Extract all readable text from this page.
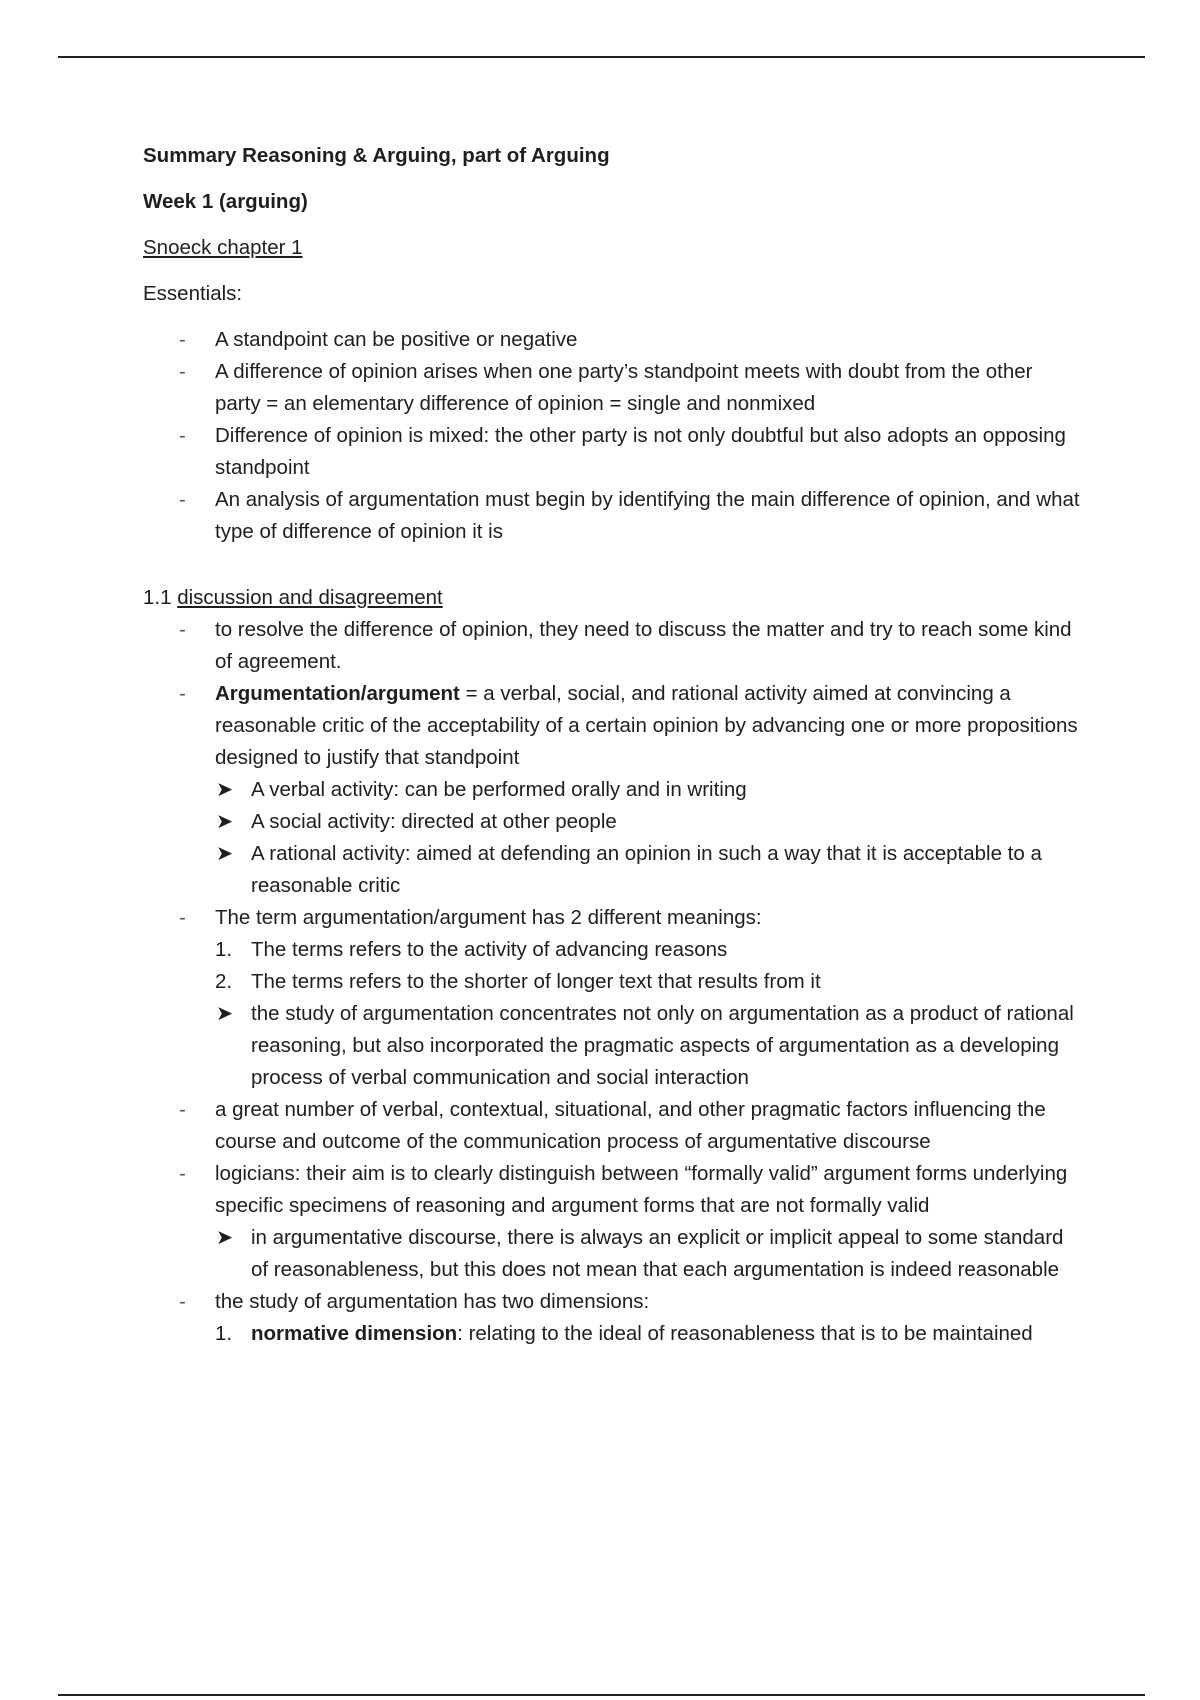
Summary Reasoning & Arguing, part of Arguing
Week 1 (arguing)
Snoeck chapter 1
Essentials:
- A standpoint can be positive or negative
- A difference of opinion arises when one party’s standpoint meets with doubt from the other party = an elementary difference of opinion = single and nonmixed
- Difference of opinion is mixed: the other party is not only doubtful but also adopts an opposing standpoint
- An analysis of argumentation must begin by identifying the main difference of opinion, and what type of difference of opinion it is
1.1 discussion and disagreement
- to resolve the difference of opinion, they need to discuss the matter and try to reach some kind of agreement.
- Argumentation/argument = a verbal, social, and rational activity aimed at convincing a reasonable critic of the acceptability of a certain opinion by advancing one or more propositions designed to justify that standpoint
➤ A verbal activity: can be performed orally and in writing
➤ A social activity: directed at other people
➤ A rational activity: aimed at defending an opinion in such a way that it is acceptable to a reasonable critic
- The term argumentation/argument has 2 different meanings:
1. The terms refers to the activity of advancing reasons
2. The terms refers to the shorter of longer text that results from it
➤ the study of argumentation concentrates not only on argumentation as a product of rational reasoning, but also incorporated the pragmatic aspects of argumentation as a developing process of verbal communication and social interaction
- a great number of verbal, contextual, situational, and other pragmatic factors influencing the course and outcome of the communication process of argumentative discourse
- logicians: their aim is to clearly distinguish between “formally valid” argument forms underlying specific specimens of reasoning and argument forms that are not formally valid
➤ in argumentative discourse, there is always an explicit or implicit appeal to some standard of reasonableness, but this does not mean that each argumentation is indeed reasonable
- the study of argumentation has two dimensions:
1. normative dimension: relating to the ideal of reasonableness that is to be maintained
